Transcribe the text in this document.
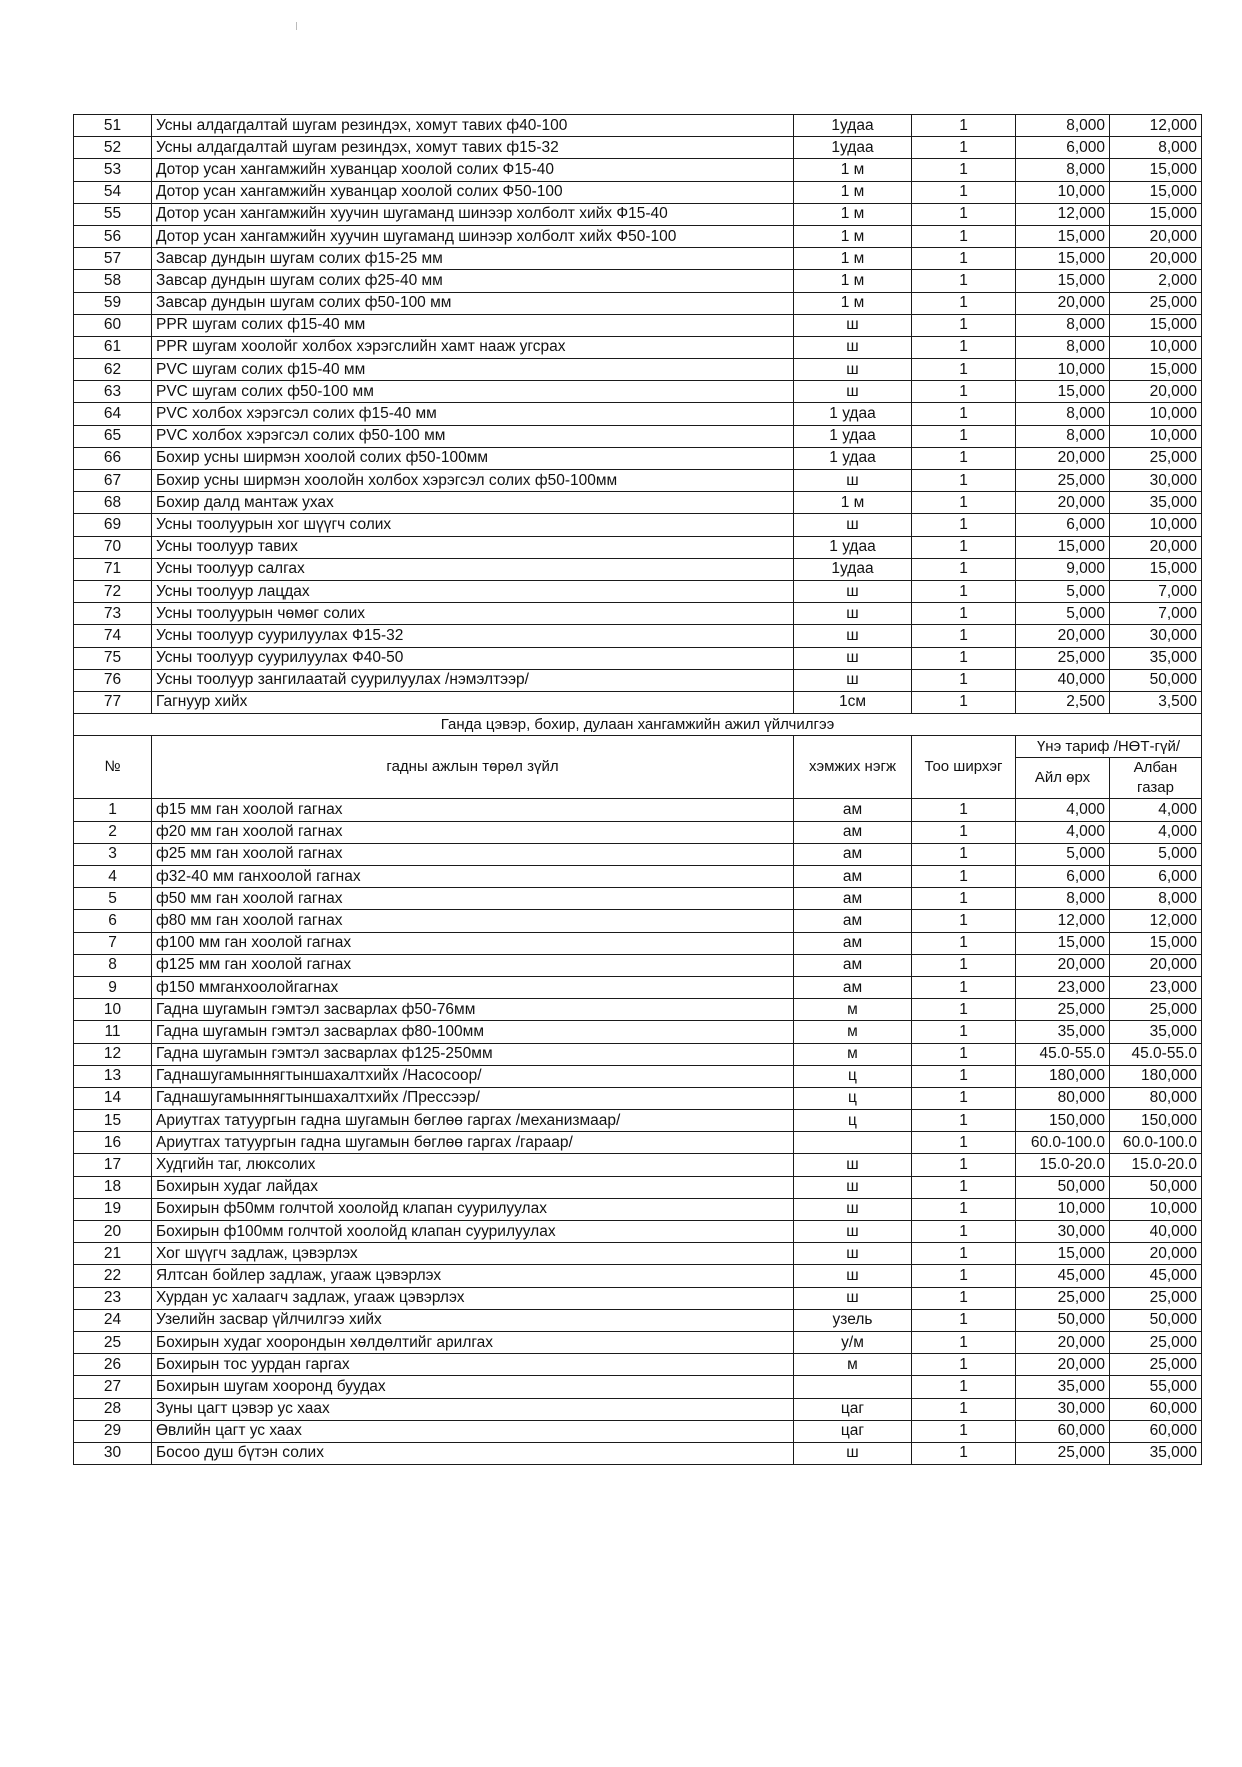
51	Усны алдагдалтай шугам резиндэх, хомут тавих ф40-100	1удаа	1	8,000	12,000
52	Усны алдагдалтай шугам резиндэх, хомут тавих ф15-32	1удаа	1	6,000	8,000
53	Дотор усан хангамжийн хуванцар хоолой солих Ф15-40	1 м	1	8,000	15,000
54	Дотор усан хангамжийн хуванцар хоолой солих Ф50-100	1 м	1	10,000	15,000
55	Дотор усан хангамжийн хуучин шугаманд шинээр холболт хийх Ф15-40	1 м	1	12,000	15,000
56	Дотор усан хангамжийн хуучин шугаманд шинээр холболт хийх Ф50-100	1 м	1	15,000	20,000
57	Завсар дундын шугам солих ф15-25 мм	1 м	1	15,000	20,000
58	Завсар дундын шугам солих ф25-40 мм	1 м	1	15,000	2,000
59	Завсар дундын шугам солих ф50-100 мм	1 м	1	20,000	25,000
60	PPR шугам солих ф15-40 мм	ш	1	8,000	15,000
61	PPR шугам хоолойг холбох хэрэгслийн хамт нааж угсрах	ш	1	8,000	10,000
62	PVC шугам солих ф15-40 мм	ш	1	10,000	15,000
63	PVC шугам солих ф50-100 мм	ш	1	15,000	20,000
64	PVC холбох хэрэгсэл солих ф15-40 мм	1 удаа	1	8,000	10,000
65	PVC холбох хэрэгсэл солих ф50-100 мм	1 удаа	1	8,000	10,000
66	Бохир усны ширмэн хоолой солих ф50-100мм	1 удаа	1	20,000	25,000
67	Бохир усны ширмэн хоолойн холбох хэрэгсэл солих ф50-100мм	ш	1	25,000	30,000
68	Бохир далд мантаж ухах	1 м	1	20,000	35,000
69	Усны тоолуурын хог шүүгч солих	ш	1	6,000	10,000
70	Усны тоолуур тавих	1 удаа	1	15,000	20,000
71	Усны тоолуур салгах	1удаа	1	9,000	15,000
72	Усны тоолуур лацдах	ш	1	5,000	7,000
73	Усны тоолуурын чөмөг солих	ш	1	5,000	7,000
74	Усны тоолуур суурилуулах Ф15-32	ш	1	20,000	30,000
75	Усны тоолуур суурилуулах Ф40-50	ш	1	25,000	35,000
76	Усны тоолуур зангилаатай суурилуулах /нэмэлтээр/	ш	1	40,000	50,000
77	Гагнуур хийх	1см	1	2,500	3,500
Ганда цэвэр, бохир, дулаан хангамжийн ажил үйлчилгээ					
№	гадны ажлын төрөл зүйл	хэмжих нэгж	Тоо ширхэг	Үнэ тариф /НӨТ-гүй/	
				Айл өрх	Албан газар
1	ф15 мм ган хоолой гагнах	ам	1	4,000	4,000
2	ф20 мм ган хоолой гагнах	ам	1	4,000	4,000
3	ф25 мм ган хоолой гагнах	ам	1	5,000	5,000
4	ф32-40 мм ганхоолой гагнах	ам	1	6,000	6,000
5	ф50 мм ган хоолой гагнах	ам	1	8,000	8,000
6	ф80 мм ган хоолой гагнах	ам	1	12,000	12,000
7	ф100 мм ган хоолой гагнах	ам	1	15,000	15,000
8	ф125 мм ган хоолой гагнах	ам	1	20,000	20,000
9	ф150 ммганхоолойгагнах	ам	1	23,000	23,000
10	Гадна шугамын гэмтэл засварлах ф50-76мм	м	1	25,000	25,000
11	Гадна шугамын гэмтэл засварлах ф80-100мм	м	1	35,000	35,000
12	Гадна шугамын гэмтэл засварлах ф125-250мм	м	1	45.0-55.0	45.0-55.0
13	Гаднашугамыннягтыншахалтхийх /Насосоор/	ц	1	180,000	180,000
14	Гаднашугамыннягтыншахалтхийх /Прессээр/	ц	1	80,000	80,000
15	Ариутгах татуургын гадна шугамын бөглөө гаргах /механизмаар/	ц	1	150,000	150,000
16	Ариутгах татуургын гадна шугамын бөглөө гаргах /гараар/		1	60.0-100.0	60.0-100.0
17	Худгийн таг, люксолих	ш	1	15.0-20.0	15.0-20.0
18	Бохирын худаг лайдах	ш	1	50,000	50,000
19	Бохирын ф50мм голчтой хоолойд клапан суурилуулах	ш	1	10,000	10,000
20	Бохирын ф100мм голчтой хоолойд клапан суурилуулах	ш	1	30,000	40,000
21	Хог шүүгч задлаж, цэвэрлэх	ш	1	15,000	20,000
22	Ялтсан бойлер задлаж, угааж цэвэрлэх	ш	1	45,000	45,000
23	Хурдан ус халаагч задлаж, угааж цэвэрлэх	ш	1	25,000	25,000
24	Узелийн засвар үйлчилгээ хийх	узель	1	50,000	50,000
25	Бохирын худаг хоорондын хөлдөлтийг арилгах	у/м	1	20,000	25,000
26	Бохирын тос уурдан гаргах	м	1	20,000	25,000
27	Бохирын шугам хооронд буудах		1	35,000	55,000
28	Зуны цагт цэвэр ус хаах	цаг	1	30,000	60,000
29	Өвлийн цагт ус хаах	цаг	1	60,000	60,000
30	Босоо душ бүтэн солих	ш	1	25,000	35,000
